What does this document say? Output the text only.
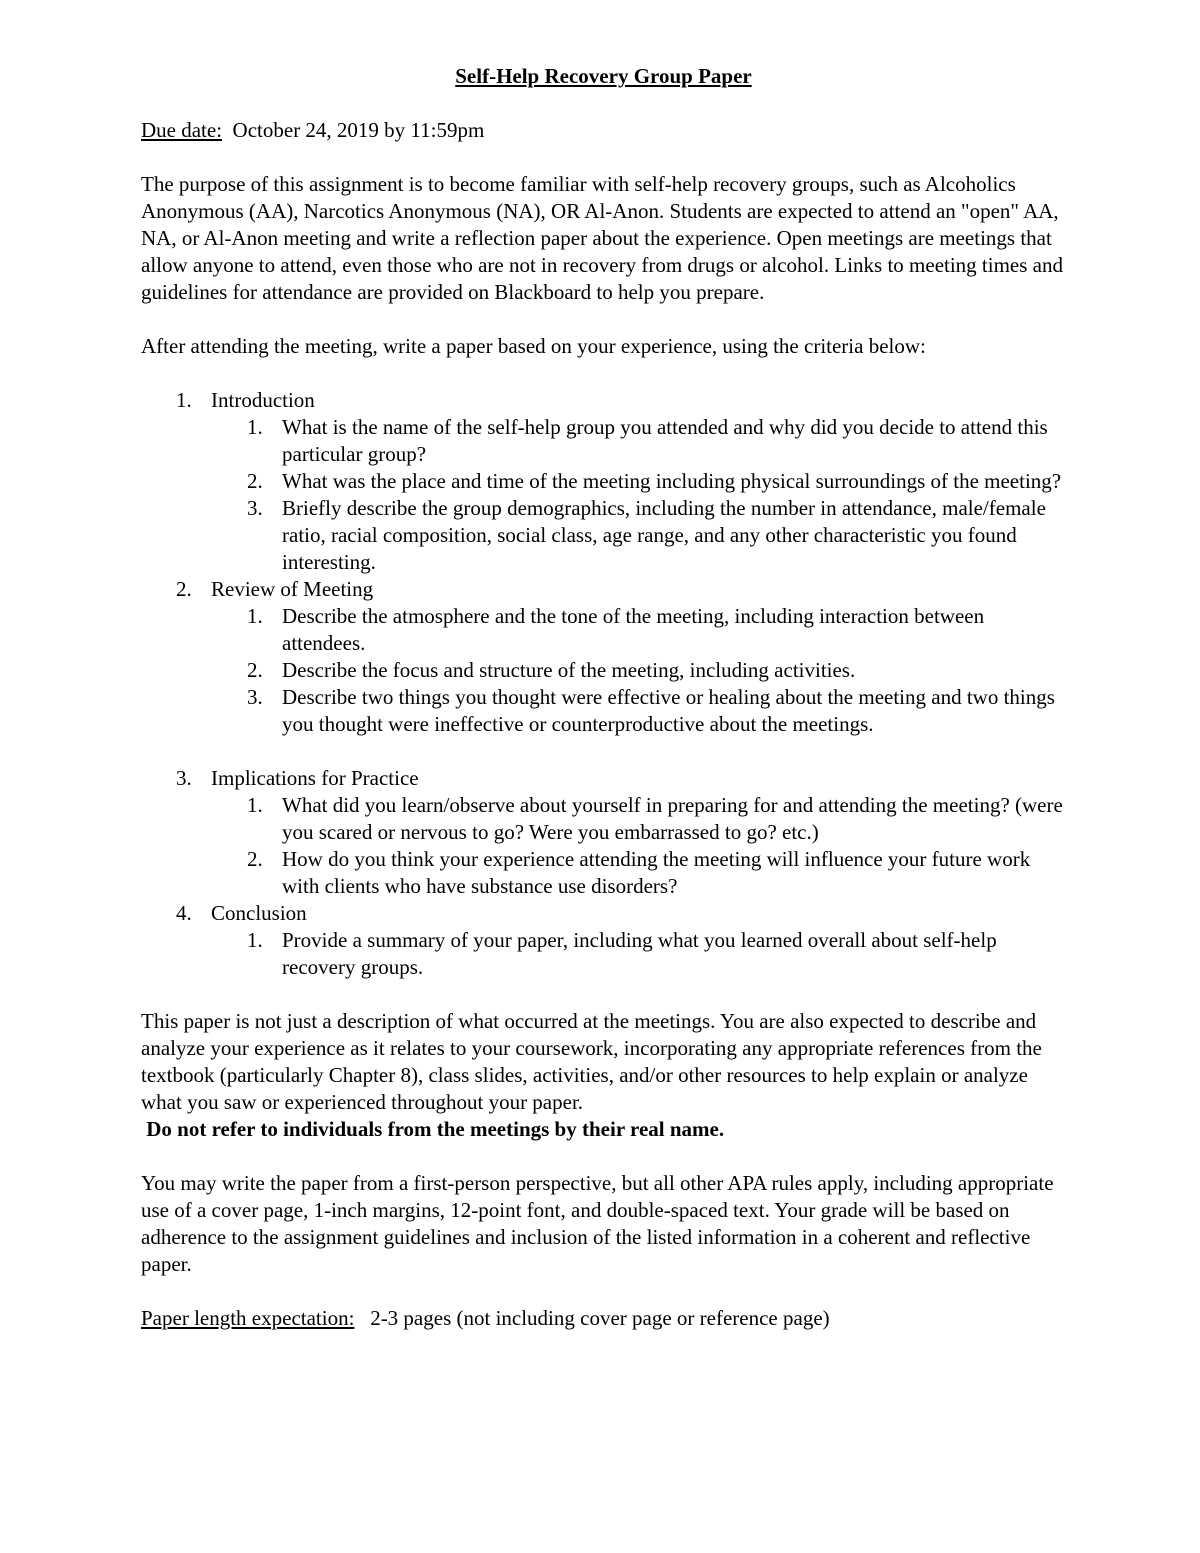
Self-Help Recovery Group Paper

Due date: October 24, 2019 by 11:59pm

The purpose of this assignment is to become familiar with self-help recovery groups, such as Alcoholics Anonymous (AA), Narcotics Anonymous (NA), OR Al-Anon. Students are expected to attend an "open" AA, NA, or Al-Anon meeting and write a reflection paper about the experience. Open meetings are meetings that allow anyone to attend, even those who are not in recovery from drugs or alcohol. Links to meeting times and guidelines for attendance are provided on Blackboard to help you prepare.

After attending the meeting, write a paper based on your experience, using the criteria below:

1. Introduction
1. What is the name of the self-help group you attended and why did you decide to attend this particular group?
2. What was the place and time of the meeting including physical surroundings of the meeting?
3. Briefly describe the group demographics, including the number in attendance, male/female ratio, racial composition, social class, age range, and any other characteristic you found interesting.
2. Review of Meeting
1. Describe the atmosphere and the tone of the meeting, including interaction between attendees.
2. Describe the focus and structure of the meeting, including activities.
3. Describe two things you thought were effective or healing about the meeting and two things you thought were ineffective or counterproductive about the meetings.
3. Implications for Practice
1. What did you learn/observe about yourself in preparing for and attending the meeting? (were you scared or nervous to go? Were you embarrassed to go? etc.)
2. How do you think your experience attending the meeting will influence your future work with clients who have substance use disorders?
4. Conclusion
1. Provide a summary of your paper, including what you learned overall about self-help recovery groups.

This paper is not just a description of what occurred at the meetings. You are also expected to describe and analyze your experience as it relates to your coursework, incorporating any appropriate references from the textbook (particularly Chapter 8), class slides, activities, and/or other resources to help explain or analyze what you saw or experienced throughout your paper.
Do not refer to individuals from the meetings by their real name.

You may write the paper from a first-person perspective, but all other APA rules apply, including appropriate use of a cover page, 1-inch margins, 12-point font, and double-spaced text. Your grade will be based on adherence to the assignment guidelines and inclusion of the listed information in a coherent and reflective paper.

Paper length expectation: 2-3 pages (not including cover page or reference page)
